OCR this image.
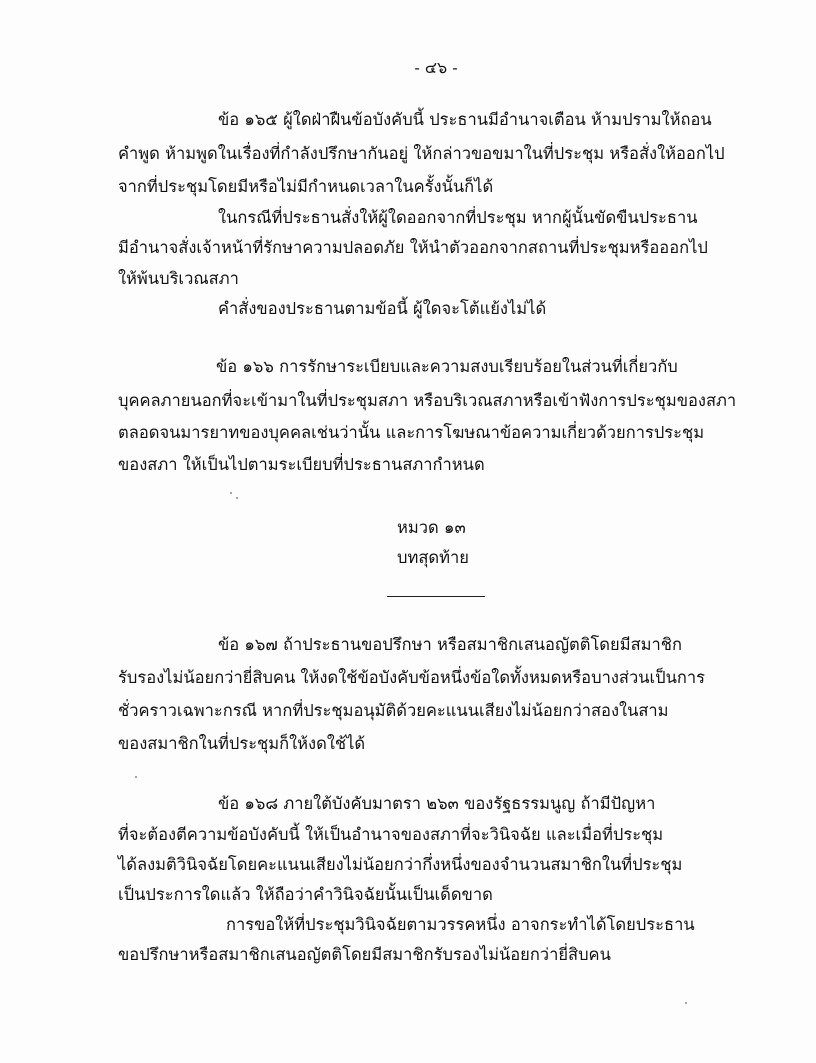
- ๔๖ -
ข้อ ๑๖๕ ผู้ใดฝ่าฝืนข้อบังคับนี้ ประธานมีอำนาจเตือน ห้ามปรามให้ถอน
คำพูด ห้ามพูดในเรื่องที่กำลังปรึกษากันอยู่ ให้กล่าวขอขมาในที่ประชุม หรือสั่งให้ออกไป
จากที่ประชุมโดยมีหรือไม่มีกำหนดเวลาในครั้งนั้นก็ได้
ในกรณีที่ประธานสั่งให้ผู้ใดออกจากที่ประชุม หากผู้นั้นขัดขืนประธาน
มีอำนาจสั่งเจ้าหน้าที่รักษาความปลอดภัย ให้นำตัวออกจากสถานที่ประชุมหรือออกไป
ให้พ้นบริเวณสภา
คำสั่งของประธานตามข้อนี้ ผู้ใดจะโต้แย้งไม่ได้
ข้อ ๑๖๖ การรักษาระเบียบและความสงบเรียบร้อยในส่วนที่เกี่ยวกับ
บุคคลภายนอกที่จะเข้ามาในที่ประชุมสภา หรือบริเวณสภาหรือเข้าฟังการประชุมของสภา
ตลอดจนมารยาทของบุคคลเช่นว่านั้น และการโฆษณาข้อความเกี่ยวด้วยการประชุม
ของสภา ให้เป็นไปตามระเบียบที่ประธานสภากำหนด
หมวด ๑๓
บทสุดท้าย
ข้อ ๑๖๗ ถ้าประธานขอปรึกษา หรือสมาชิกเสนอญัตติโดยมีสมาชิก
รับรองไม่น้อยกว่ายี่สิบคน ให้งดใช้ข้อบังคับข้อหนึ่งข้อใดทั้งหมดหรือบางส่วนเป็นการ
ชั่วคราวเฉพาะกรณี หากที่ประชุมอนุมัติด้วยคะแนนเสียงไม่น้อยกว่าสองในสาม
ของสมาชิกในที่ประชุมก็ให้งดใช้ได้
ข้อ ๑๖๘ ภายใต้บังคับมาตรา ๒๖๓ ของรัฐธรรมนูญ ถ้ามีปัญหา
ที่จะต้องตีความข้อบังคับนี้ ให้เป็นอำนาจของสภาที่จะวินิจฉัย และเมื่อที่ประชุม
ได้ลงมติวินิจฉัยโดยคะแนนเสียงไม่น้อยกว่ากึ่งหนึ่งของจำนวนสมาชิกในที่ประชุม
เป็นประการใดแล้ว ให้ถือว่าคำวินิจฉัยนั้นเป็นเด็ดขาด
การขอให้ที่ประชุมวินิจฉัยตามวรรคหนึ่ง อาจกระทำได้โดยประธาน
ขอปรึกษาหรือสมาชิกเสนอญัตติโดยมีสมาชิกรับรองไม่น้อยกว่ายี่สิบคน
